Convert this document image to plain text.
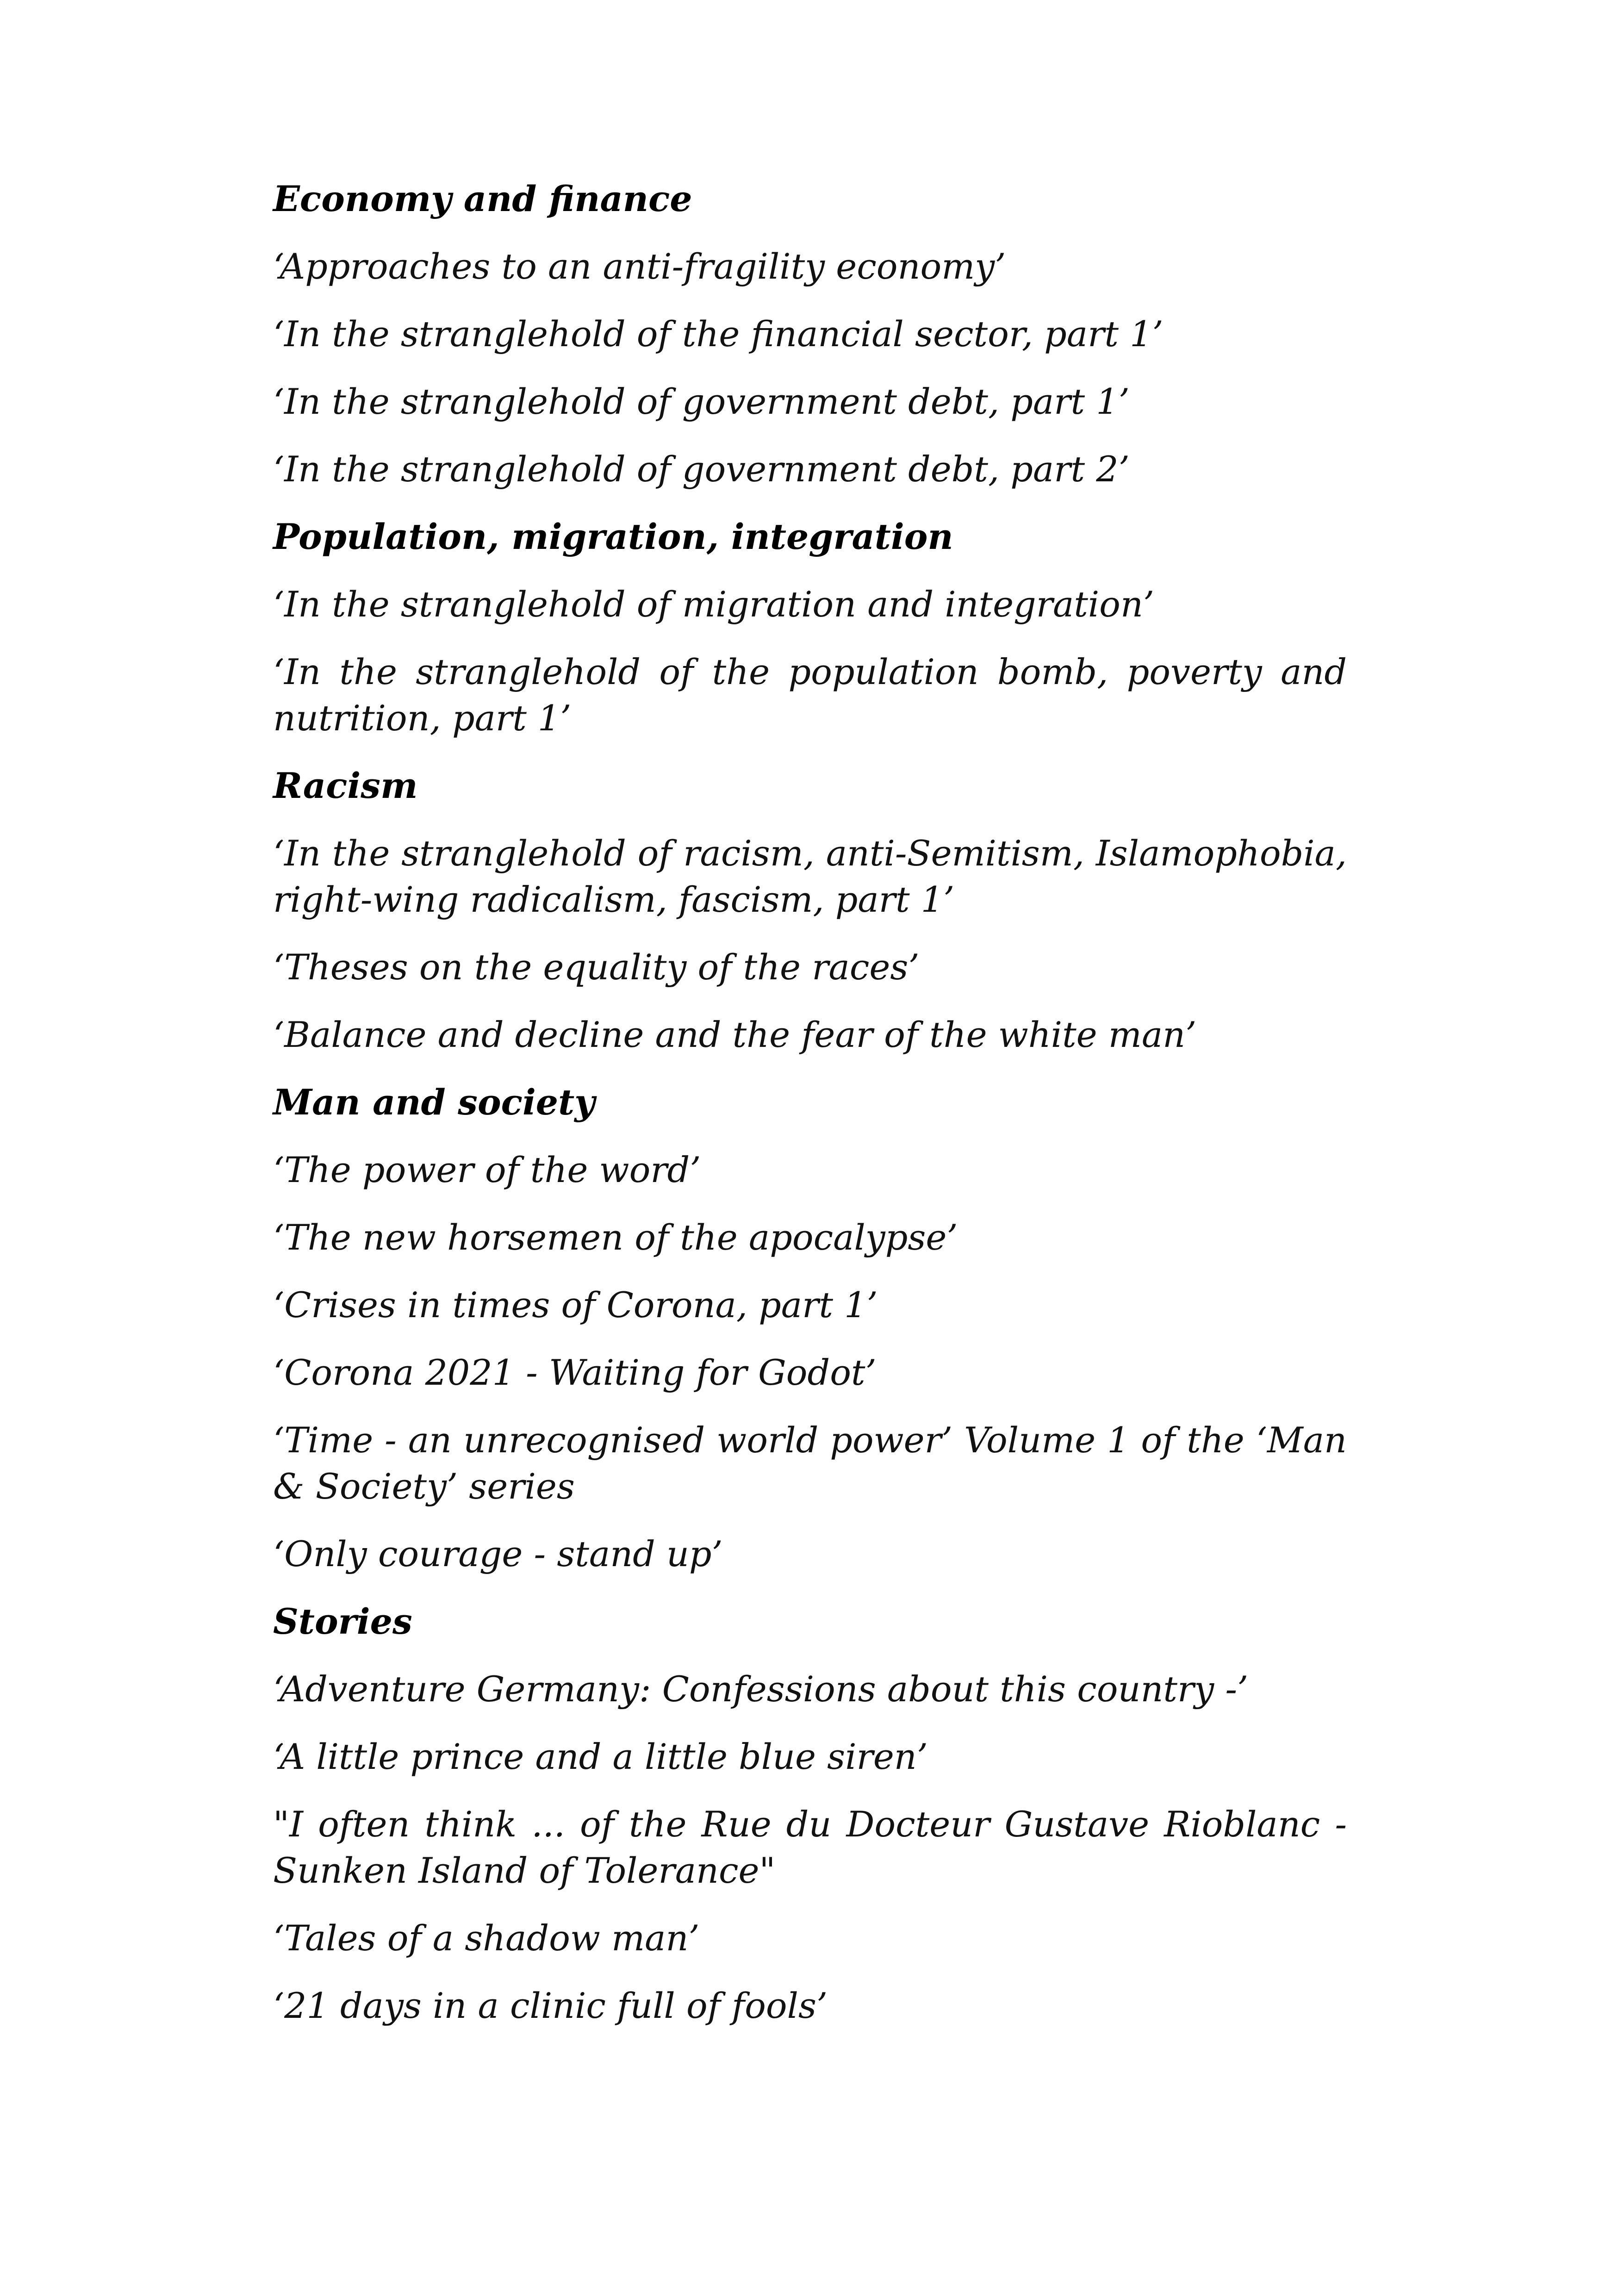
Economy and finance

‘Approaches to an anti-fragility economy’

‘In the stranglehold of the financial sector, part 1’

‘In the stranglehold of government debt, part 1’

‘In the stranglehold of government debt, part 2’

Population, migration, integration

‘In the stranglehold of migration and integration’

‘In the stranglehold of the population bomb, poverty and nutrition, part 1’

Racism

‘In the stranglehold of racism, anti-Semitism, Islamophobia, right-wing radicalism, fascism, part 1’

‘Theses on the equality of the races’

‘Balance and decline and the fear of the white man’

Man and society

‘The power of the word’

‘The new horsemen of the apocalypse’

‘Crises in times of Corona, part 1’

‘Corona 2021 - Waiting for Godot’

‘Time - an unrecognised world power’ Volume 1 of the ‘Man & Society’ series

‘Only courage - stand up’

Stories

‘Adventure Germany: Confessions about this country -’

‘A little prince and a little blue siren’

"I often think ... of the Rue du Docteur Gustave Rioblanc - Sunken Island of Tolerance"

‘Tales of a shadow man’

‘21 days in a clinic full of fools’
